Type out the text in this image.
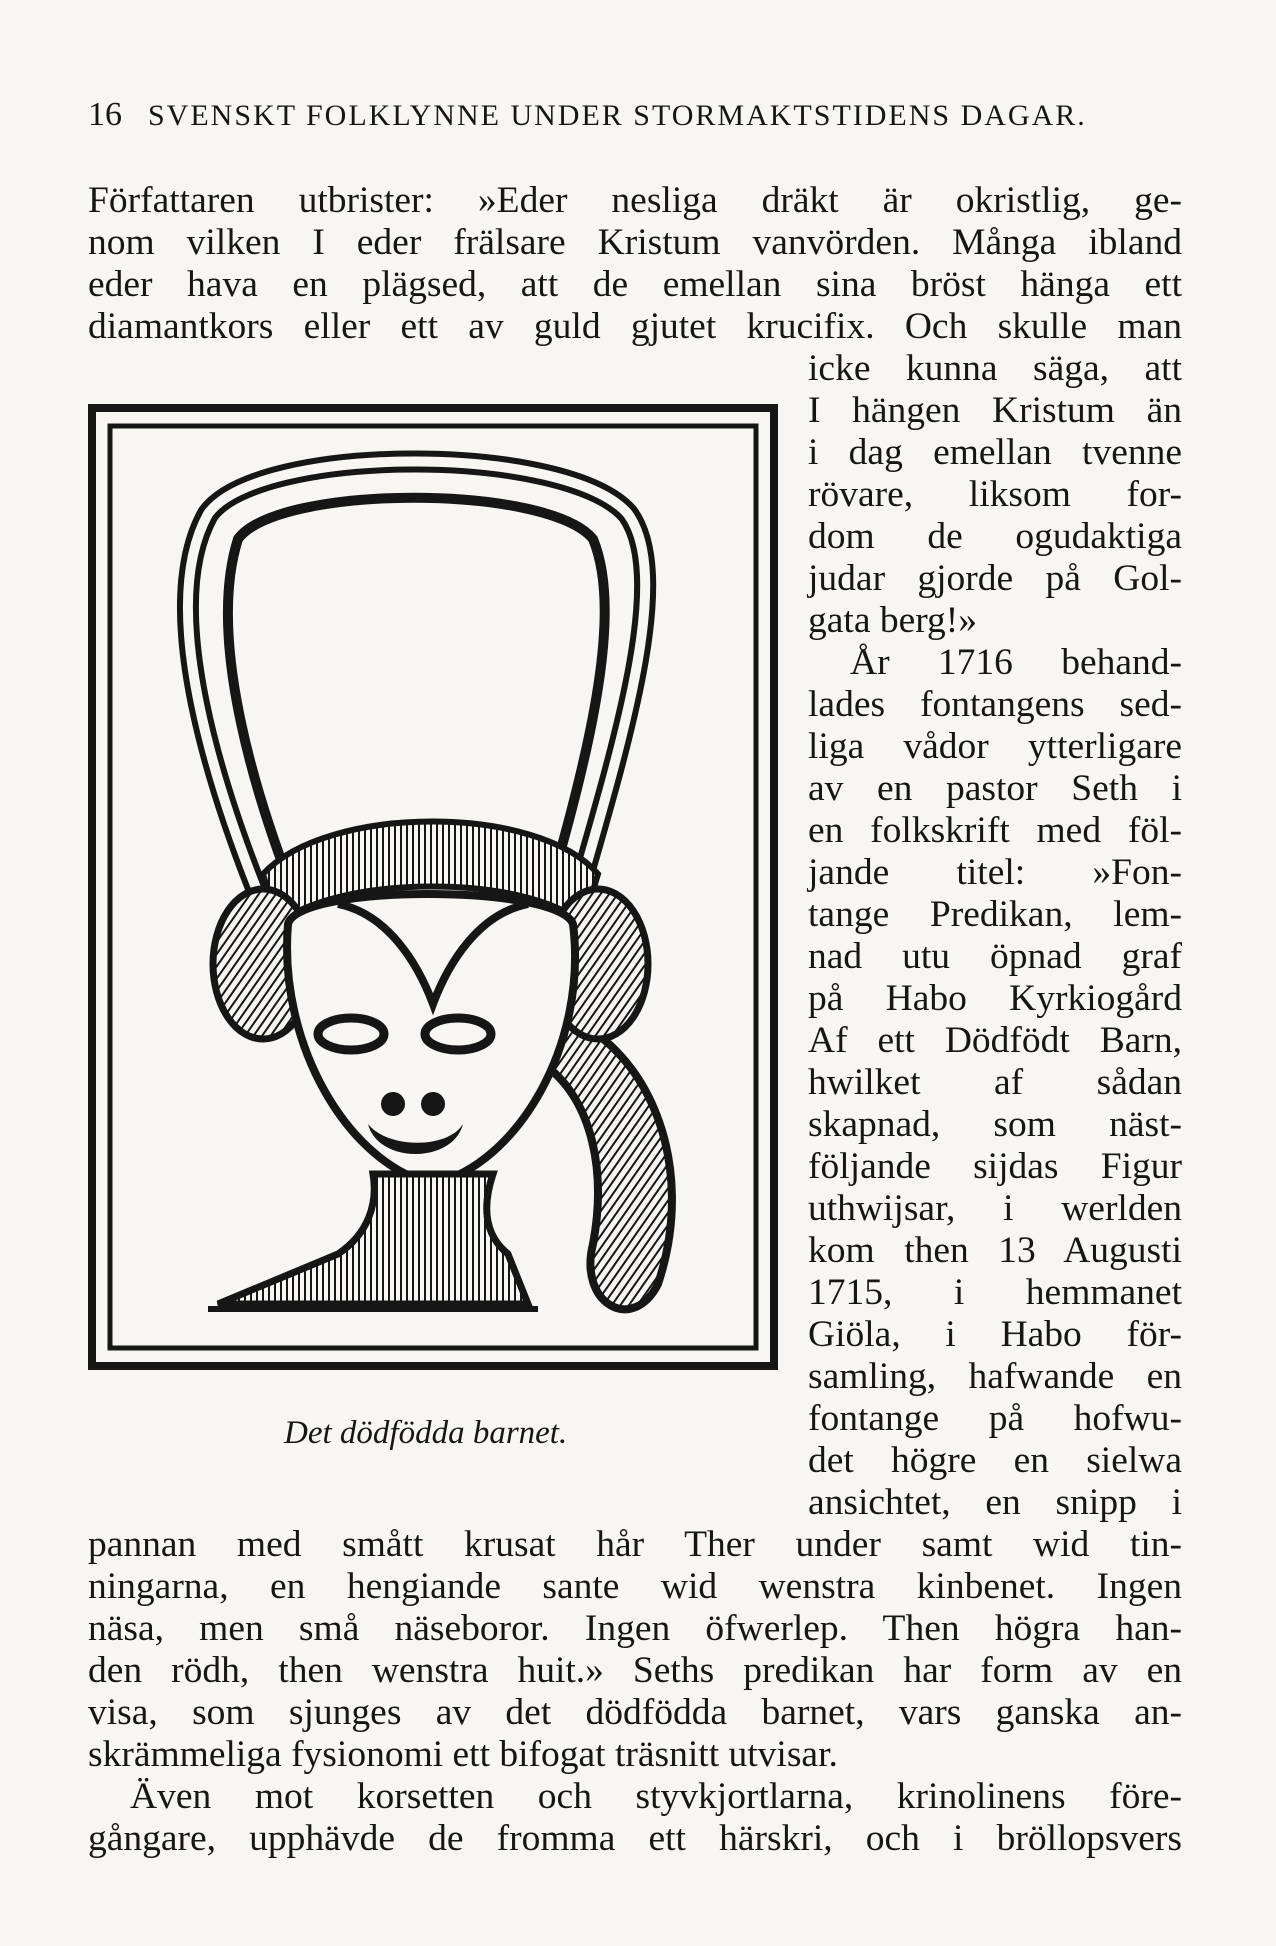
16 SVENSKT FOLKLYNNE UNDER STORMAKTSTIDENS DAGAR.
Författaren utbrister: »Eder nesliga dräkt är okristlig, ge-
nom vilken I eder frälsare Kristum vanvörden. Många ibland
eder hava en plägsed, att de emellan sina bröst hänga ett
diamantkors eller ett av guld gjutet krucifix. Och skulle man
icke kunna säga, att
I hängen Kristum än
i dag emellan tvenne
rövare, liksom for-
dom de ogudaktiga
judar gjorde på Gol-
gata berg!»
År 1716 behand-
lades fontangens sed-
liga vådor ytterligare
av en pastor Seth i
en folkskrift med föl-
jande titel: »Fon-
tange Predikan, lem-
nad utu öpnad graf
på Habo Kyrkiogård
Af ett Dödfödt Barn,
hwilket af sådan
skapnad, som näst-
följande sijdas Figur
uthwijsar, i werlden
kom then 13 Augusti
1715, i hemmanet
Giöla, i Habo för-
samling, hafwande en
fontange på hofwu-
det högre en sielwa
ansichtet, en snipp i
pannan med smått krusat hår Ther under samt wid tin-
ningarna, en hengiande sante wid wenstra kinbenet. Ingen
näsa, men små näseboror. Ingen öfwerlep. Then högra han-
den rödh, then wenstra huit.» Seths predikan har form av en
visa, som sjunges av det dödfödda barnet, vars ganska an-
skrämmeliga fysionomi ett bifogat träsnitt utvisar.
Även mot korsetten och styvkjortlarna, krinolinens före-
gångare, upphävde de fromma ett härskri, och i bröllopsvers
Det dödfödda barnet.
